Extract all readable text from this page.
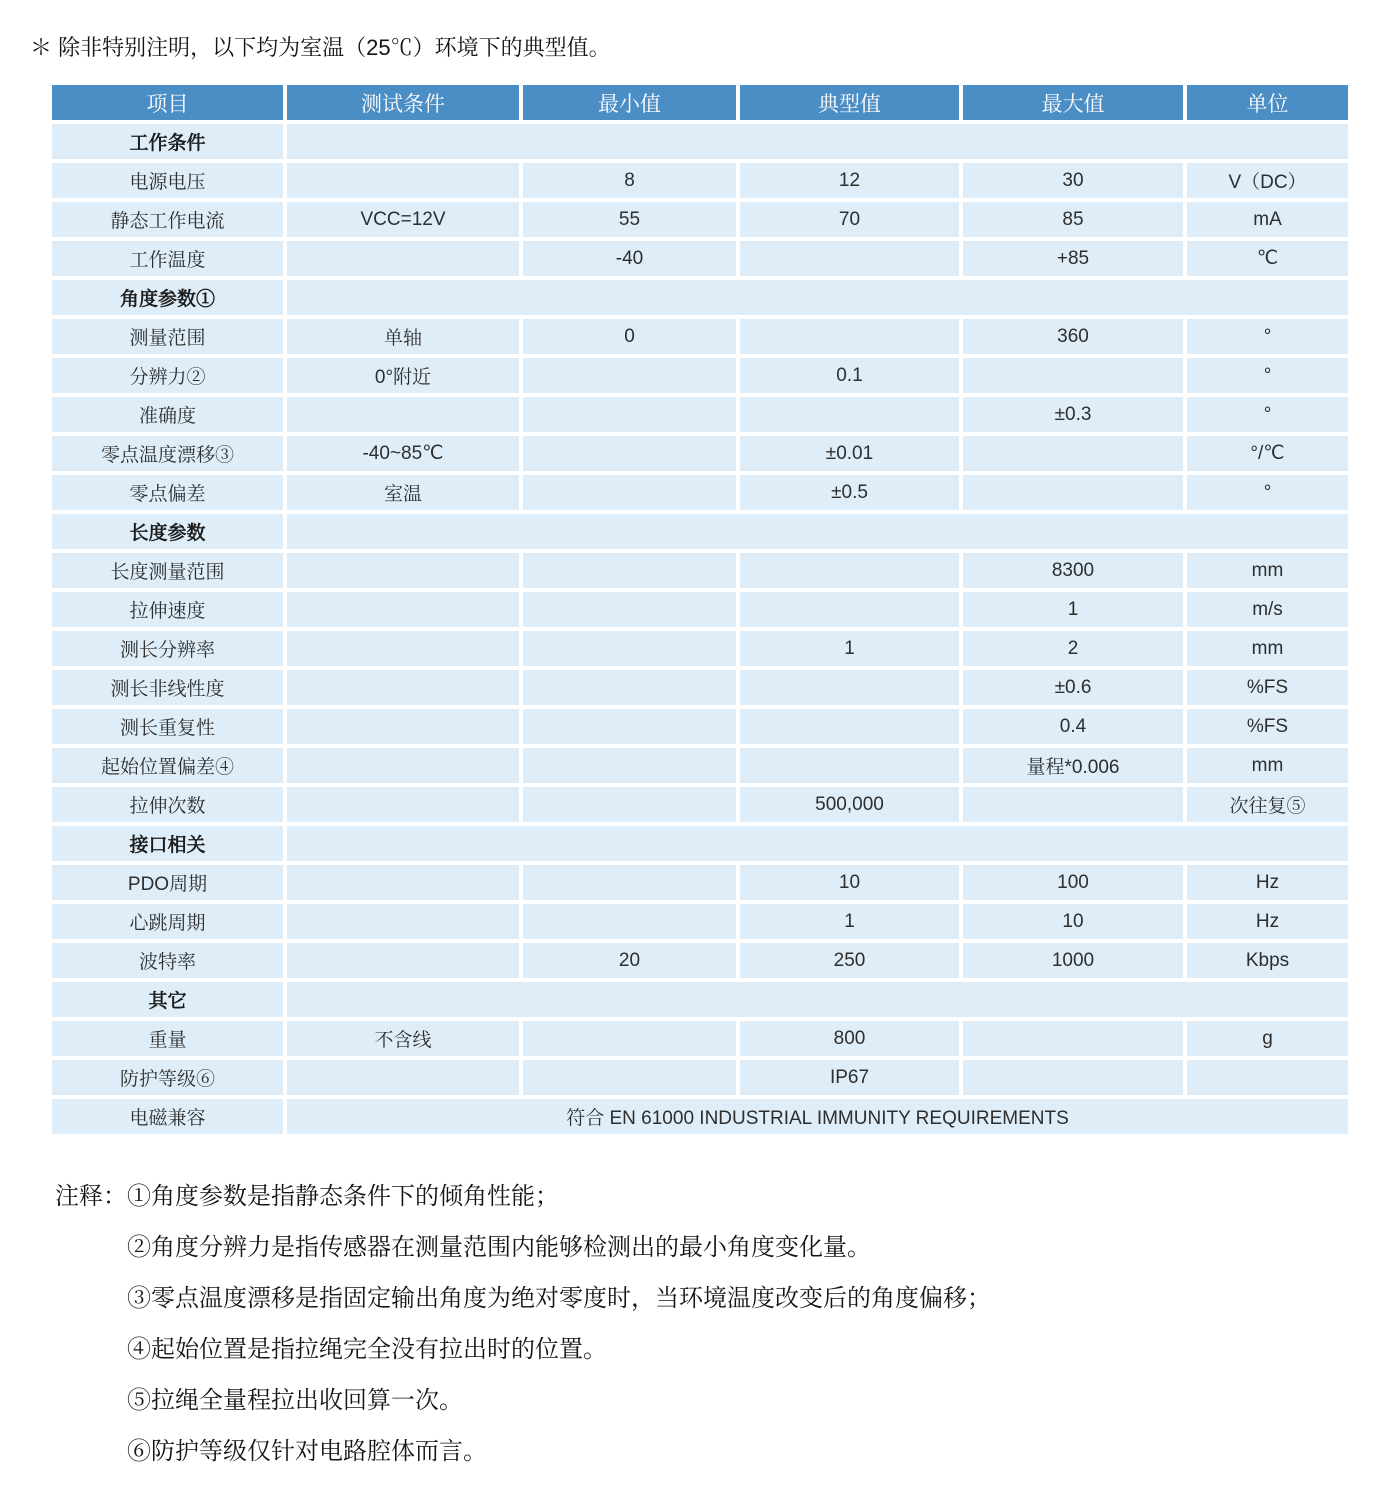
＊ 除非特别注明，以下均为室温（25℃）环境下的典型值。
项目	测试条件	最小值	典型值	最大值	单位
工作条件					
电源电压		8	12	30	V（DC）
静态工作电流	VCC=12V	55	70	85	mA
工作温度		-40		+85	℃
角度参数①					
测量范围	单轴	0		360	°
分辨力②	0°附近		0.1		°
准确度				±0.3	°
零点温度漂移③	-40~85℃		±0.01		°/℃
零点偏差	室温		±0.5		°
长度参数					
长度测量范围				8300	mm
拉伸速度				1	m/s
测长分辨率			1	2	mm
测长非线性度				±0.6	%FS
测长重复性				0.4	%FS
起始位置偏差④				量程*0.006	mm
拉伸次数			500,000		次往复⑤
接口相关					
PDO周期			10	100	Hz
心跳周期			1	10	Hz
波特率		20	250	1000	Kbps
其它					
重量	不含线		800		g
防护等级⑥			IP67		
电磁兼容	符合 EN 61000 INDUSTRIAL IMMUNITY REQUIREMENTS				
注释： ①角度参数是指静态条件下的倾角性能；
②角度分辨力是指传感器在测量范围内能够检测出的最小角度变化量。
③零点温度漂移是指固定输出角度为绝对零度时，当环境温度改变后的角度偏移；
④起始位置是指拉绳完全没有拉出时的位置。
⑤拉绳全量程拉出收回算一次。
⑥防护等级仅针对电路腔体而言。
